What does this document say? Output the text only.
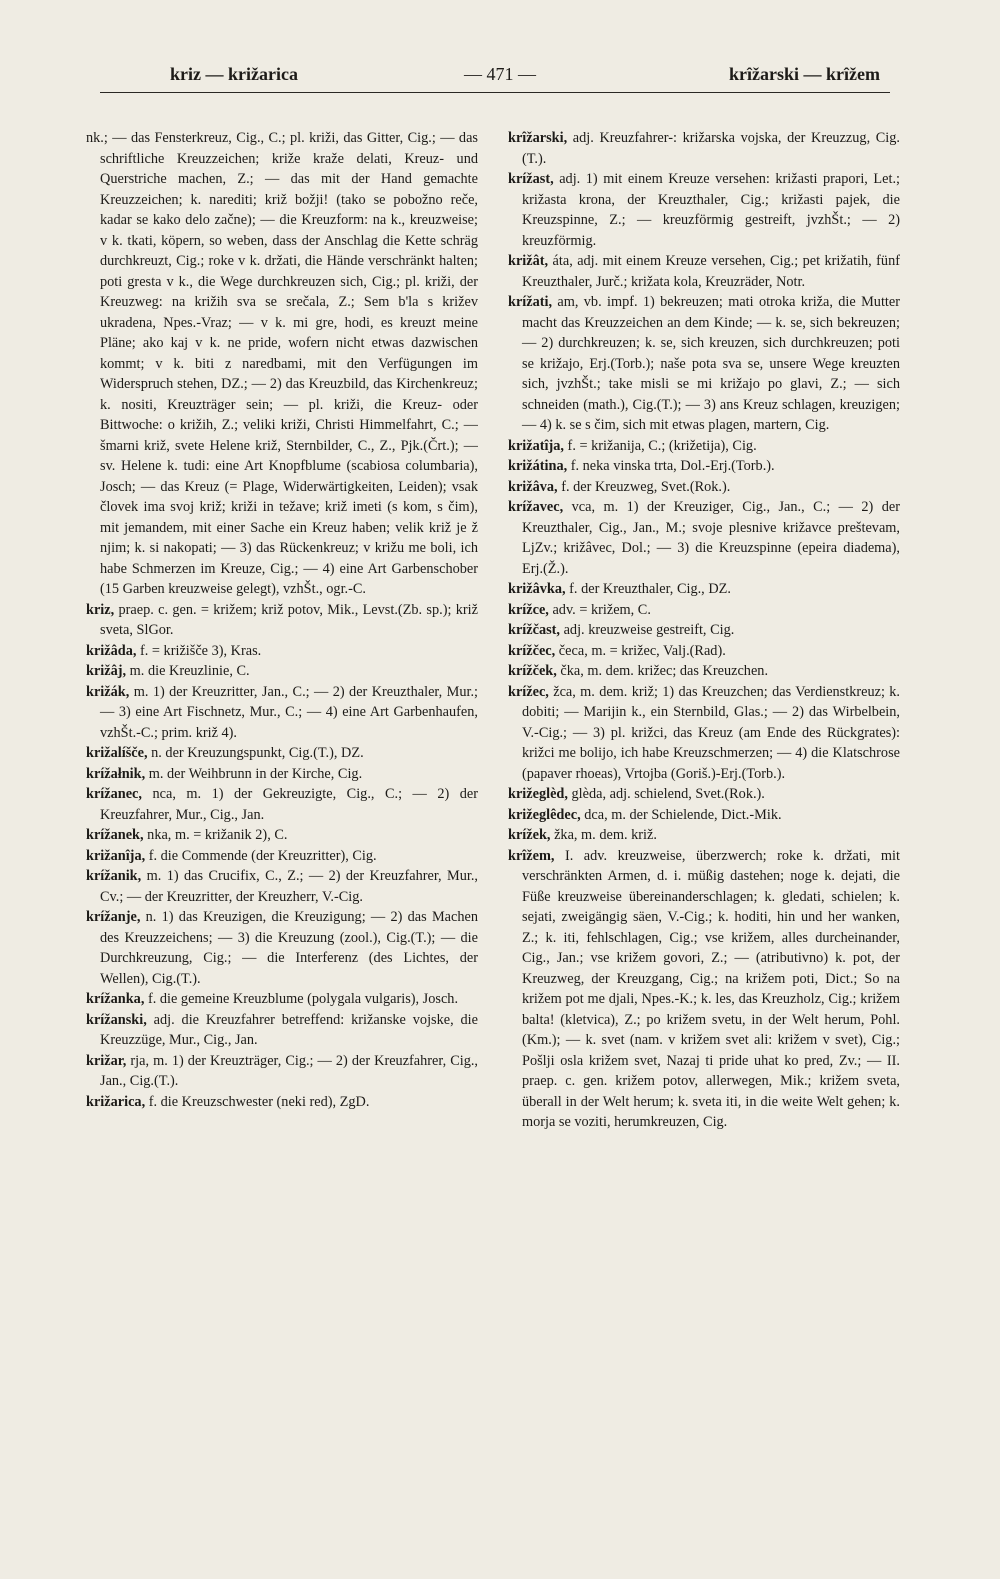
kriz — križarica	— 471 —	krîžarski — krîžem

nk.; — das Fensterkreuz, Cig., C.; pl. križi, das Gitter, Cig.; — das schriftliche Kreuzzeichen; križe kraže delati, Kreuz- und Querstriche machen, Z.; — das mit der Hand gemachte Kreuzzeichen; k. narediti; križ božji! (tako se pobožno reče, kadar se kako delo začne); — die Kreuzform: na k., kreuzweise; v k. tkati, köpern, so weben, dass der Anschlag die Kette schräg durchkreuzt, Cig.; roke v k. držati, die Hände verschränkt halten; poti gresta v k., die Wege durchkreuzen sich, Cig.; pl. križi, der Kreuzweg: na križih sva se srečala, Z.; Sem b'la s križev ukradena, Npes.-Vraz; — v k. mi gre, hodi, es kreuzt meine Pläne; ako kaj v k. ne pride, wofern nicht etwas dazwischen kommt; v k. biti z naredbami, mit den Verfügungen im Widerspruch stehen, DZ.; — 2) das Kreuzbild, das Kirchenkreuz; k. nositi, Kreuzträger sein; — pl. križi, die Kreuz- oder Bittwoche: o križih, Z.; veliki križi, Christi Himmelfahrt, C.; — šmarni križ, svete Helene križ, Sternbilder, C., Z., Pjk.(Črt.); — sv. Helene k. tudi: eine Art Knopfblume (scabiosa columbaria), Josch; — das Kreuz (= Plage, Widerwärtigkeiten, Leiden); vsak človek ima svoj križ; križi in težave; križ imeti (s kom, s čim), mit jemandem, mit einer Sache ein Kreuz haben; velik križ je ž njim; k. si nakopati; — 3) das Rückenkreuz; v križu me boli, ich habe Schmerzen im Kreuze, Cig.; — 4) eine Art Garbenschober (15 Garben kreuzweise gelegt), vzhŠt., ogr.-C.

kriz, praep. c. gen. = križem; križ potov, Mik., Levst.(Zb. sp.); križ sveta, SlGor.

križâda, f. = križišče 3), Kras.

križâj, m. die Kreuzlinie, C.

križák, m. 1) der Kreuzritter, Jan., C.; — 2) der Kreuzthaler, Mur.; — 3) eine Art Fischnetz, Mur., C.; — 4) eine Art Garbenhaufen, vzhŠt.-C.; prim. križ 4).

križalíšče, n. der Kreuzungspunkt, Cig.(T.), DZ.

krížałnik, m. der Weihbrunn in der Kirche, Cig.

krížanec, nca, m. 1) der Gekreuzigte, Cig., C.; — 2) der Kreuzfahrer, Mur., Cig., Jan.

krížanek, nka, m. = križanik 2), C.

križanîja, f. die Commende (der Kreuzritter), Cig.

krížanik, m. 1) das Crucifix, C., Z.; — 2) der Kreuzfahrer, Mur., Cv.; — der Kreuzritter, der Kreuzherr, V.-Cig.

krížanje, n. 1) das Kreuzigen, die Kreuzigung; — 2) das Machen des Kreuzzeichens; — 3) die Kreuzung (zool.), Cig.(T.); — die Durchkreuzung, Cig.; — die Interferenz (des Lichtes, der Wellen), Cig.(T.).

krížanka, f. die gemeine Kreuzblume (polygala vulgaris), Josch.

krížanski, adj. die Kreuzfahrer betreffend: križanske vojske, die Kreuzzüge, Mur., Cig., Jan.

križar, rja, m. 1) der Kreuzträger, Cig.; — 2) der Kreuzfahrer, Cig., Jan., Cig.(T.).

križarica, f. die Kreuzschwester (neki red), ZgD.

krîžarski, adj. Kreuzfahrer-: križarska vojska, der Kreuzzug, Cig.(T.).

krížast, adj. 1) mit einem Kreuze versehen: križasti prapori, Let.; križasta krona, der Kreuzthaler, Cig.; križasti pajek, die Kreuzspinne, Z.; — kreuzförmig gestreift, jvzhŠt.; — 2) kreuzförmig.

križât, áta, adj. mit einem Kreuze versehen, Cig.; pet križatih, fünf Kreuzthaler, Jurč.; križata kola, Kreuzräder, Notr.

krížati, am, vb. impf. 1) bekreuzen; mati otroka križa, die Mutter macht das Kreuzzeichen an dem Kinde; — k. se, sich bekreuzen; — 2) durchkreuzen; k. se, sich kreuzen, sich durchkreuzen; poti se križajo, Erj.(Torb.); naše pota sva se, unsere Wege kreuzten sich, jvzhŠt.; take misli se mi križajo po glavi, Z.; — sich schneiden (math.), Cig.(T.); — 3) ans Kreuz schlagen, kreuzigen; — 4) k. se s čim, sich mit etwas plagen, martern, Cig.

križatîja, f. = križanija, C.; (križetija), Cig.

križátina, f. neka vinska trta, Dol.-Erj.(Torb.).

križâva, f. der Kreuzweg, Svet.(Rok.).

krížavec, vca, m. 1) der Kreuziger, Cig., Jan., C.; — 2) der Kreuzthaler, Cig., Jan., M.; svoje plesnive križavce preštevam, LjZv.; križâvec, Dol.; — 3) die Kreuzspinne (epeira diadema), Erj.(Ž.).

križâvka, f. der Kreuzthaler, Cig., DZ.

krížce, adv. = križem, C.

krížčast, adj. kreuzweise gestreift, Cig.

krížčec, čeca, m. = križec, Valj.(Rad).

krížček, čka, m. dem. križec; das Kreuzchen.

krížec, žca, m. dem. križ; 1) das Kreuzchen; das Verdienstkreuz; k. dobiti; — Marijin k., ein Sternbild, Glas.; — 2) das Wirbelbein, V.-Cig.; — 3) pl. križci, das Kreuz (am Ende des Rückgrates): križci me bolijo, ich habe Kreuzschmerzen; — 4) die Klatschrose (papaver rhoeas), Vrtojba (Goriš.)-Erj.(Torb.).

križeglèd, glèda, adj. schielend, Svet.(Rok.).

križeglêdec, dca, m. der Schielende, Dict.-Mik.

krížek, žka, m. dem. križ.

krîžem, I. adv. kreuzweise, überzwerch; roke k. držati, mit verschränkten Armen, d. i. müßig dastehen; noge k. dejati, die Füße kreuzweise übereinanderschlagen; k. gledati, schielen; k. sejati, zweigängig säen, V.-Cig.; k. hoditi, hin und her wanken, Z.; k. iti, fehlschlagen, Cig.; vse križem, alles durcheinander, Cig., Jan.; vse križem govori, Z.; — (atributivno) k. pot, der Kreuzweg, der Kreuzgang, Cig.; na križem poti, Dict.; So na križem pot me djali, Npes.-K.; k. les, das Kreuzholz, Cig.; križem balta! (kletvica), Z.; po križem svetu, in der Welt herum, Pohl.(Km.); — k. svet (nam. v križem svet ali: križem v svet), Cig.; Pošlji osla križem svet, Nazaj ti pride uhat ko pred, Zv.; — II. praep. c. gen. križem potov, allerwegen, Mik.; križem sveta, überall in der Welt herum; k. sveta iti, in die weite Welt gehen; k. morja se voziti, herumkreuzen, Cig.
